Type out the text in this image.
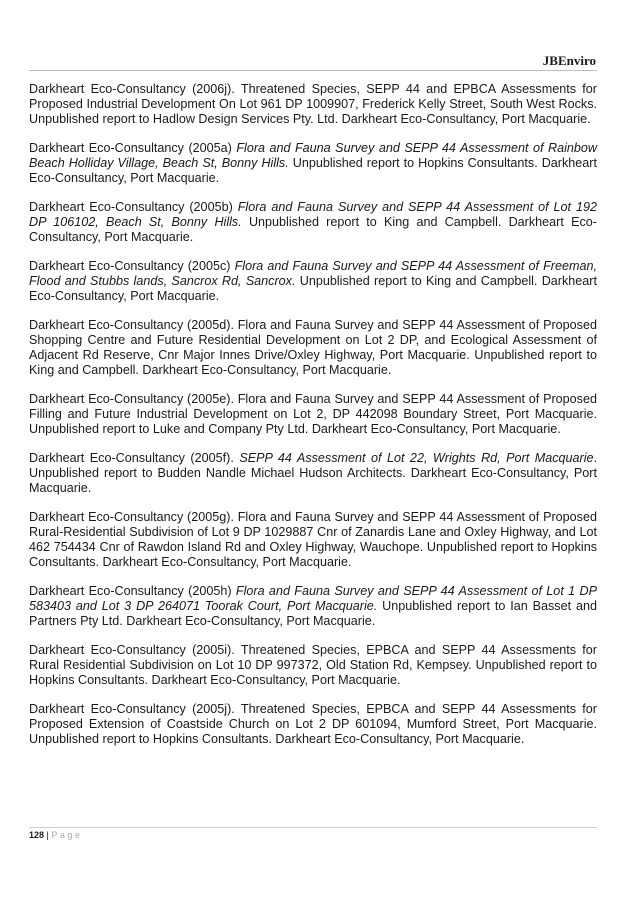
JBEnviro

Darkheart Eco-Consultancy (2006j). Threatened Species, SEPP 44 and EPBCA Assessments for Proposed Industrial Development On Lot 961 DP 1009907, Frederick Kelly Street, South West Rocks. Unpublished report to Hadlow Design Services Pty. Ltd. Darkheart Eco-Consultancy, Port Macquarie.

Darkheart Eco-Consultancy (2005a) Flora and Fauna Survey and SEPP 44 Assessment of Rainbow Beach Holliday Village, Beach St, Bonny Hills. Unpublished report to Hopkins Consultants. Darkheart Eco-Consultancy, Port Macquarie.

Darkheart Eco-Consultancy (2005b) Flora and Fauna Survey and SEPP 44 Assessment of Lot 192 DP 106102, Beach St, Bonny Hills. Unpublished report to King and Campbell. Darkheart Eco-Consultancy, Port Macquarie.

Darkheart Eco-Consultancy (2005c) Flora and Fauna Survey and SEPP 44 Assessment of Freeman, Flood and Stubbs lands, Sancrox Rd, Sancrox. Unpublished report to King and Campbell. Darkheart Eco-Consultancy, Port Macquarie.

Darkheart Eco-Consultancy (2005d). Flora and Fauna Survey and SEPP 44 Assessment of Proposed Shopping Centre and Future Residential Development on Lot 2 DP, and Ecological Assessment of Adjacent Rd Reserve, Cnr Major Innes Drive/Oxley Highway, Port Macquarie. Unpublished report to King and Campbell. Darkheart Eco-Consultancy, Port Macquarie.

Darkheart Eco-Consultancy (2005e). Flora and Fauna Survey and SEPP 44 Assessment of Proposed Filling and Future Industrial Development on Lot 2, DP 442098 Boundary Street, Port Macquarie. Unpublished report to Luke and Company Pty Ltd. Darkheart Eco-Consultancy, Port Macquarie.

Darkheart Eco-Consultancy (2005f). SEPP 44 Assessment of Lot 22, Wrights Rd, Port Macquarie. Unpublished report to Budden Nandle Michael Hudson Architects. Darkheart Eco-Consultancy, Port Macquarie.

Darkheart Eco-Consultancy (2005g). Flora and Fauna Survey and SEPP 44 Assessment of Proposed Rural-Residential Subdivision of Lot 9 DP 1029887 Cnr of Zanardis Lane and Oxley Highway, and Lot 462 754434 Cnr of Rawdon Island Rd and Oxley Highway, Wauchope. Unpublished report to Hopkins Consultants. Darkheart Eco-Consultancy, Port Macquarie.

Darkheart Eco-Consultancy (2005h) Flora and Fauna Survey and SEPP 44 Assessment of Lot 1 DP 583403 and Lot 3 DP 264071 Toorak Court, Port Macquarie. Unpublished report to Ian Basset and Partners Pty Ltd. Darkheart Eco-Consultancy, Port Macquarie.

Darkheart Eco-Consultancy (2005i). Threatened Species, EPBCA and SEPP 44 Assessments for Rural Residential Subdivision on Lot 10 DP 997372, Old Station Rd, Kempsey. Unpublished report to Hopkins Consultants. Darkheart Eco-Consultancy, Port Macquarie.

Darkheart Eco-Consultancy (2005j). Threatened Species, EPBCA and SEPP 44 Assessments for Proposed Extension of Coastside Church on Lot 2 DP 601094, Mumford Street, Port Macquarie. Unpublished report to Hopkins Consultants. Darkheart Eco-Consultancy, Port Macquarie.

128 | Page
